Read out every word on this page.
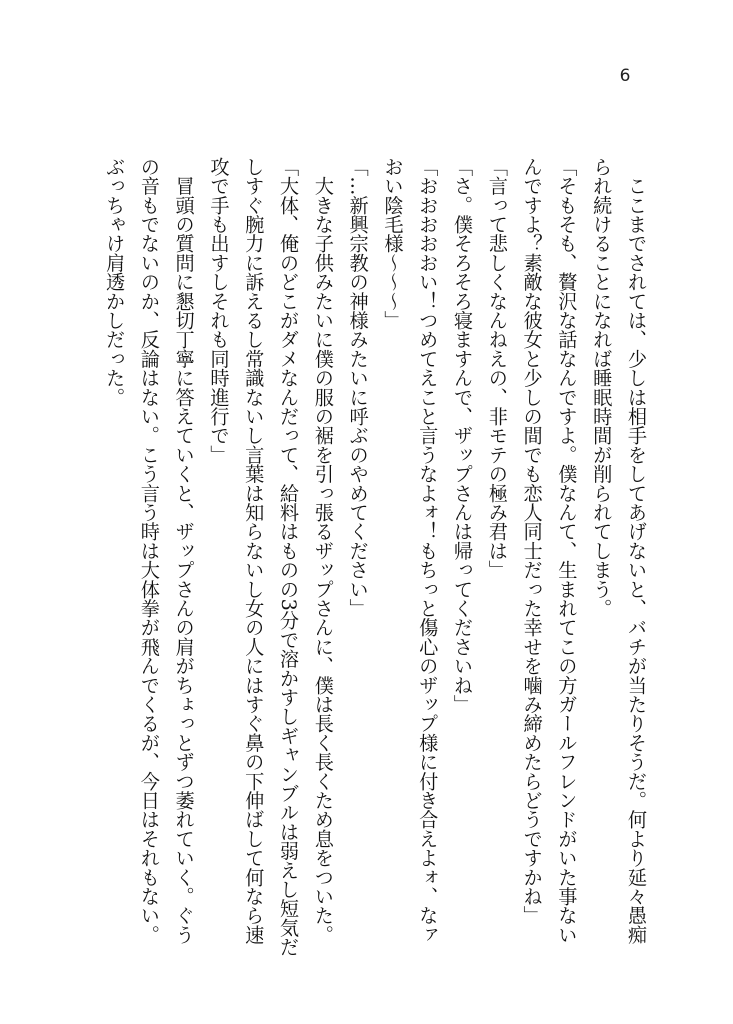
6

　ここまでされては、少しは相手をしてあげないと、バチが当たりそうだ。何より延々愚痴られ続けることになれば睡眠時間が削られてしまう。

「そもそも、贅沢な話なんですよ。僕なんて、生まれてこの方ガールフレンドがいた事ないんですよ？素敵な彼女と少しの間でも恋人同士だった幸せを噛み締めたらどうですかね」

「言って悲しくなんねえの、非モテの極み君は」

「さ。僕そろそろ寝ますんで、ザップさんは帰ってくださいね」

「おおおおおい！つめてえこと言うなよォ！もちっと傷心のザップ様に付き合えよォ、なァおい陰毛様～～～」

「…新興宗教の神様みたいに呼ぶのやめてください」

　大きな子供みたいに僕の服の裾を引っ張るザップさんに、僕は長く長くため息をついた。

「大体、俺のどこがダメなんだって、給料はものの3分で溶かすしギャンブルは弱えし短気だしすぐ腕力に訴えるし常識ないし言葉は知らないし女の人にはすぐ鼻の下伸ばして何なら速攻で手も出すしそれも同時進行で」

　冒頭の質問に懇切丁寧に答えていくと、ザップさんの肩がちょっとずつ萎れていく。ぐうの音もでないのか、反論はない。こう言う時は大体拳が飛んでくるが、今日はそれもない。ぶっちゃけ肩透かしだった。
